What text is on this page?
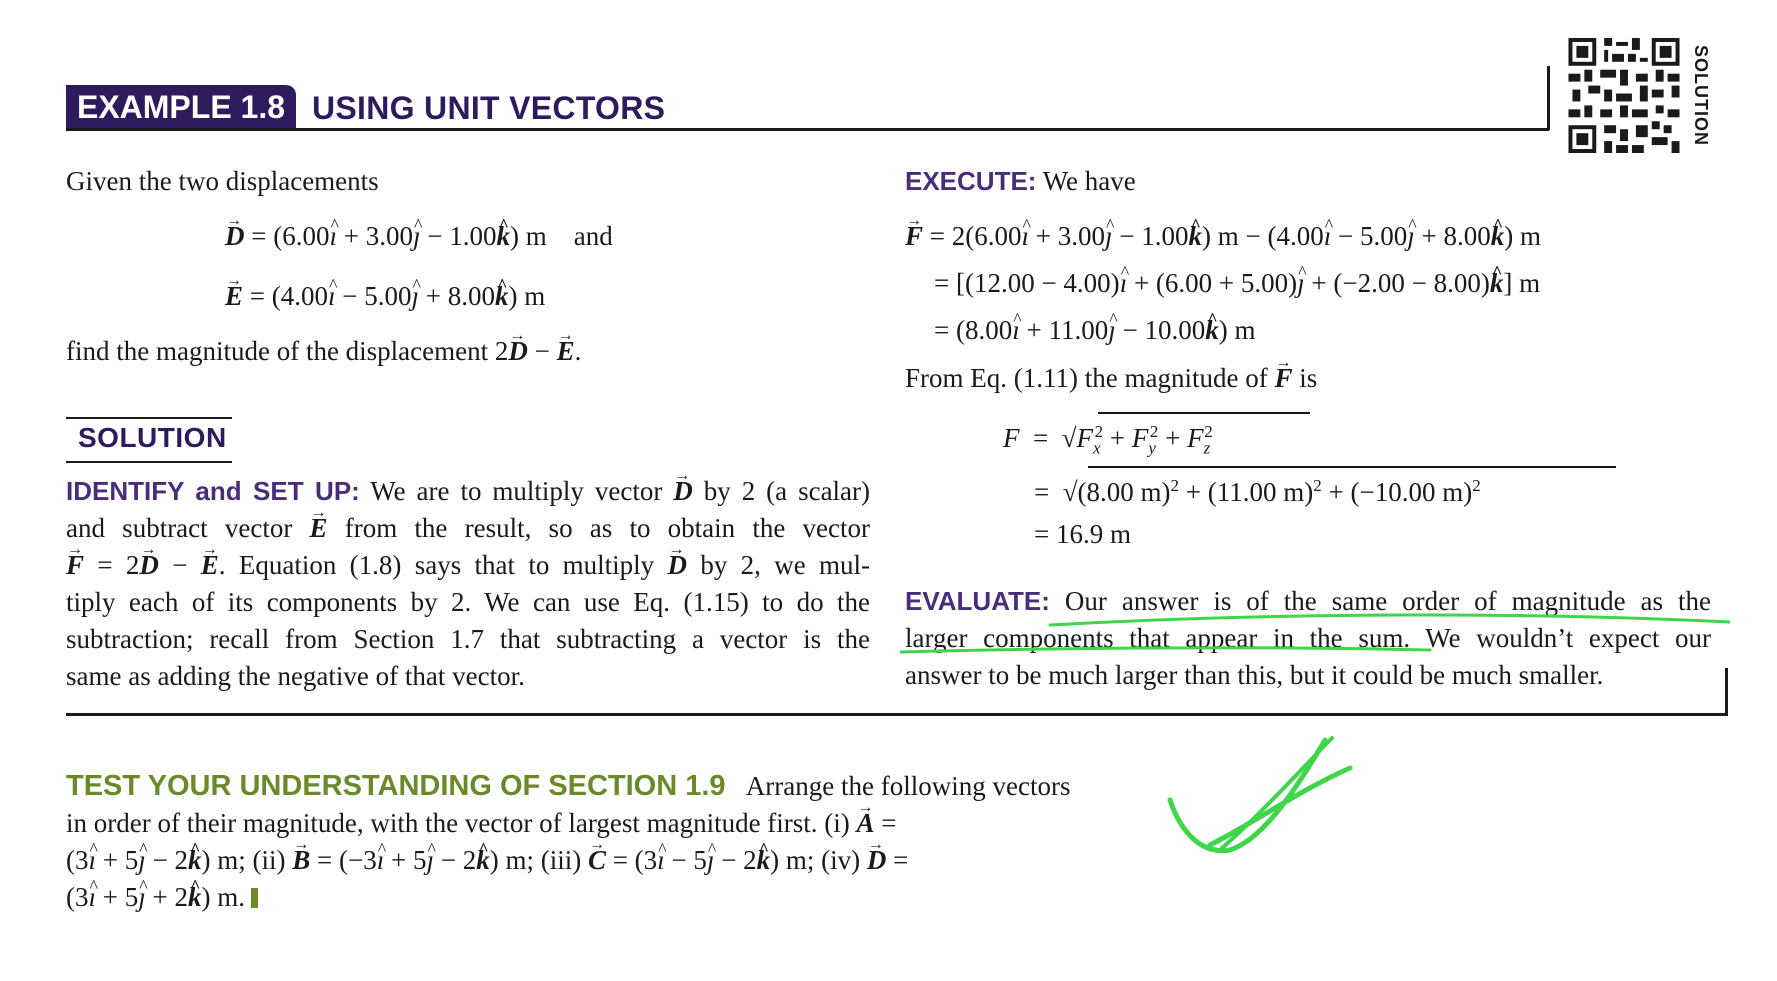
EXAMPLE 1.8 USING UNIT VECTORS	SOLUTION
Given the two displacements
→ D = (6.00^ ı + 3.00^ ȷ − 1.00^ k) m    and
→ E = (4.00^ ı − 5.00^ ȷ + 8.00^ k) m
find the magnitude of the displacement 2→ D − → E.
SOLUTION
IDENTIFY and SET UP: We are to multiply vector → D by 2 (a scalar)
and subtract vector → E from the result, so as to obtain the vector
→ F = 2→ D − → E. Equation (1.8) says that to multiply → D by 2, we mul-
tiply each of its components by 2. We can use Eq. (1.15) to do the
subtraction; recall from Section 1.7 that subtracting a vector is the
same as adding the negative of that vector.
EXECUTE: We have
→ F = 2(6.00^ ı + 3.00^ ȷ − 1.00^ k) m − (4.00^ ı − 5.00^ ȷ + 8.00^ k) m
= [(12.00 − 4.00)^ ı + (6.00 + 5.00)^ ȷ + (−2.00 − 8.00)^ k] m
= (8.00^ ı + 11.00^ ȷ − 10.00^ k) m
From Eq. (1.11) the magnitude of → F is
$F = √F_x^2 + F_y^2 + F_z^2$
=  √(8.00 m)$^2$ + (11.00 m)$^2$ + (−10.00 m)$^2$
= 16.9 m
EVALUATE: Our answer is of the same order of magnitude as the
larger components that appear in the sum. We wouldn’t expect our
answer to be much larger than this, but it could be much smaller.
TEST YOUR UNDERSTANDING OF SECTION 1.9 Arrange the following vectors
in order of their magnitude, with the vector of largest magnitude first. (i) → A =
(3^ ı + 5^ ȷ − 2^ k) m; (ii) → B = (−3^ ı + 5^ ȷ − 2^ k) m; (iii) → C = (3^ ı − 5^ ȷ − 2^ k) m; (iv) → D =
(3^ ı + 5^ ȷ + 2^ k) m.
